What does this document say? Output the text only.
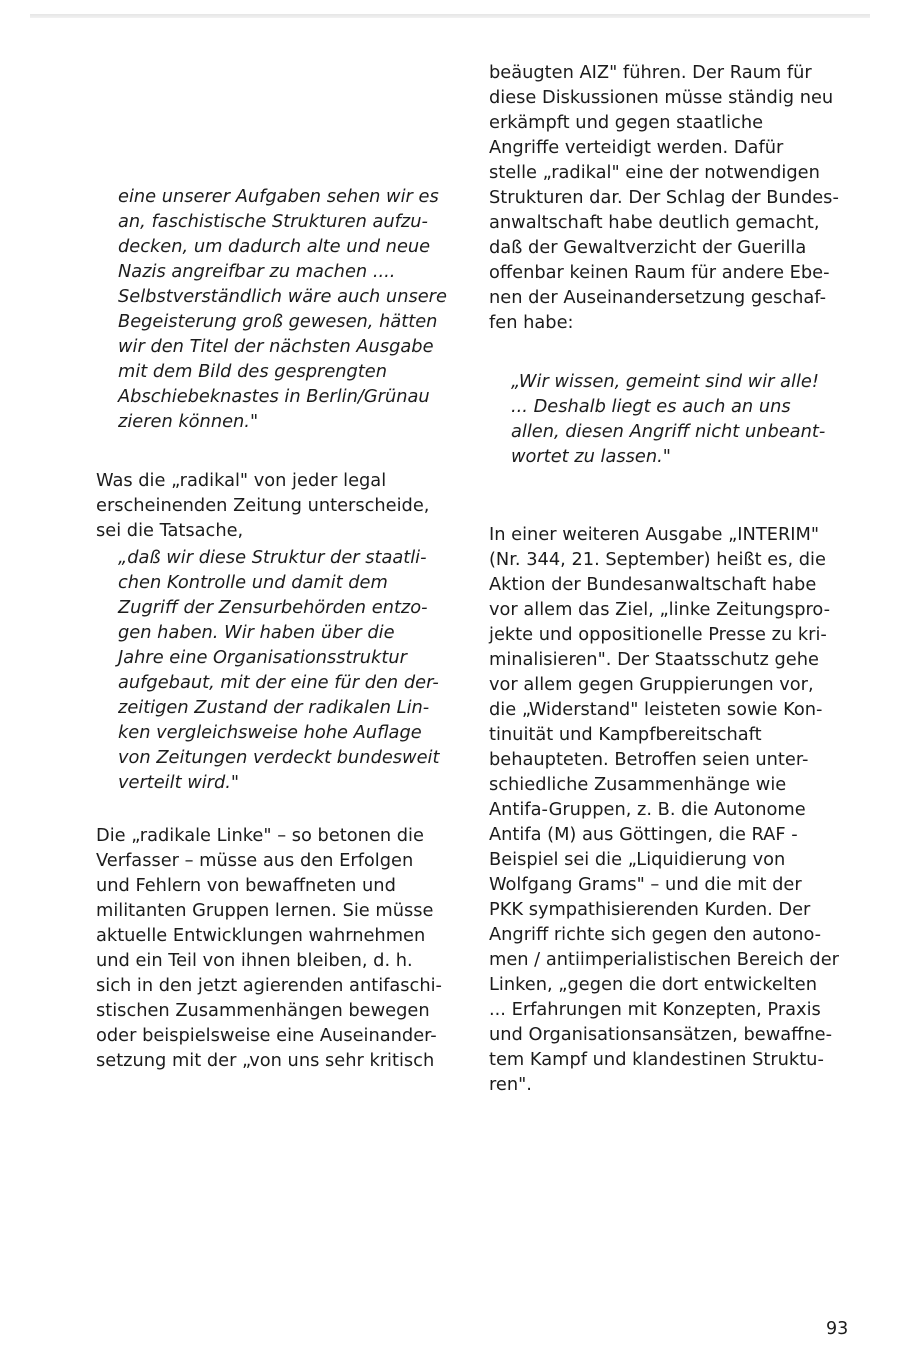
eine unserer Aufgaben sehen wir es
an, faschistische Strukturen aufzu-
decken, um dadurch alte und neue
Nazis angreifbar zu machen ....
Selbstverständlich wäre auch unsere
Begeisterung groß gewesen, hätten
wir den Titel der nächsten Ausgabe
mit dem Bild des gesprengten
Abschiebeknastes in Berlin/Grünau
zieren können."

Was die „radikal" von jeder legal
erscheinenden Zeitung unterscheide,
sei die Tatsache,

„daß wir diese Struktur der staatli-
chen Kontrolle und damit dem
Zugriff der Zensurbehörden entzo-
gen haben. Wir haben über die
Jahre eine Organisationsstruktur
aufgebaut, mit der eine für den der-
zeitigen Zustand der radikalen Lin-
ken vergleichsweise hohe Auflage
von Zeitungen verdeckt bundesweit
verteilt wird."

Die „radikale Linke" – so betonen die
Verfasser – müsse aus den Erfolgen
und Fehlern von bewaffneten und
militanten Gruppen lernen. Sie müsse
aktuelle Entwicklungen wahrnehmen
und ein Teil von ihnen bleiben, d. h.
sich in den jetzt agierenden antifaschi-
stischen Zusammenhängen bewegen
oder beispielsweise eine Auseinander-
setzung mit der „von uns sehr kritisch

beäugten AIZ" führen. Der Raum für
diese Diskussionen müsse ständig neu
erkämpft und gegen staatliche
Angriffe verteidigt werden. Dafür
stelle „radikal" eine der notwendigen
Strukturen dar. Der Schlag der Bundes-
anwaltschaft habe deutlich gemacht,
daß der Gewaltverzicht der Guerilla
offenbar keinen Raum für andere Ebe-
nen der Auseinandersetzung geschaf-
fen habe:

„Wir wissen, gemeint sind wir alle!
... Deshalb liegt es auch an uns
allen, diesen Angriff nicht unbeant-
wortet zu lassen."

In einer weiteren Ausgabe „INTERIM"
(Nr. 344, 21. September) heißt es, die
Aktion der Bundesanwaltschaft habe
vor allem das Ziel, „linke Zeitungspro-
jekte und oppositionelle Presse zu kri-
minalisieren". Der Staatsschutz gehe
vor allem gegen Gruppierungen vor,
die „Widerstand" leisteten sowie Kon-
tinuität und Kampfbereitschaft
behaupteten. Betroffen seien unter-
schiedliche Zusammenhänge wie
Antifa-Gruppen, z. B. die Autonome
Antifa (M) aus Göttingen, die RAF -
Beispiel sei die „Liquidierung von
Wolfgang Grams" – und die mit der
PKK sympathisierenden Kurden. Der
Angriff richte sich gegen den autono-
men / antiimperialistischen Bereich der
Linken, „gegen die dort entwickelten
... Erfahrungen mit Konzepten, Praxis
und Organisationsansätzen, bewaffne-
tem Kampf und klandestinen Struktu-
ren".

93
